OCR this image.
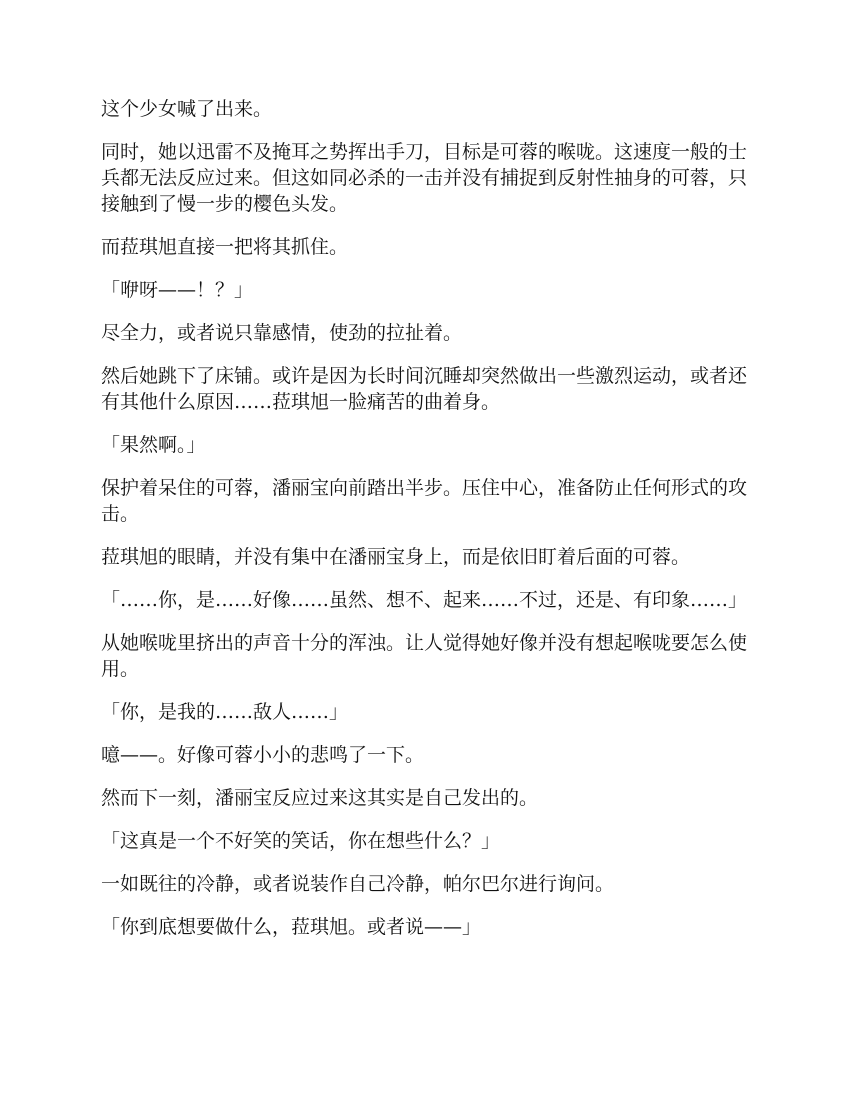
这个少女喊了出来。

同时，她以迅雷不及掩耳之势挥出手刀，目标是可蓉的喉咙。这速度一般的士兵都无法反应过来。但这如同必杀的一击并没有捕捉到反射性抽身的可蓉，只接触到了慢一步的樱色头发。

而菈琪旭直接一把将其抓住。

「咿呀——！？」

尽全力，或者说只靠感情，使劲的拉扯着。

然后她跳下了床铺。或许是因为长时间沉睡却突然做出一些激烈运动，或者还有其他什么原因……菈琪旭一脸痛苦的曲着身。

「果然啊。」

保护着呆住的可蓉，潘丽宝向前踏出半步。压住中心，准备防止任何形式的攻击。

菈琪旭的眼睛，并没有集中在潘丽宝身上，而是依旧盯着后面的可蓉。

「……你，是……好像……虽然、想不、起来……不过，还是、有印象……」

从她喉咙里挤出的声音十分的浑浊。让人觉得她好像并没有想起喉咙要怎么使用。

「你，是我的……敌人……」

噫——。好像可蓉小小的悲鸣了一下。

然而下一刻，潘丽宝反应过来这其实是自己发出的。

「这真是一个不好笑的笑话，你在想些什么？」

一如既往的冷静，或者说装作自己冷静，帕尔巴尔进行询问。

「你到底想要做什么，菈琪旭。或者说——」
